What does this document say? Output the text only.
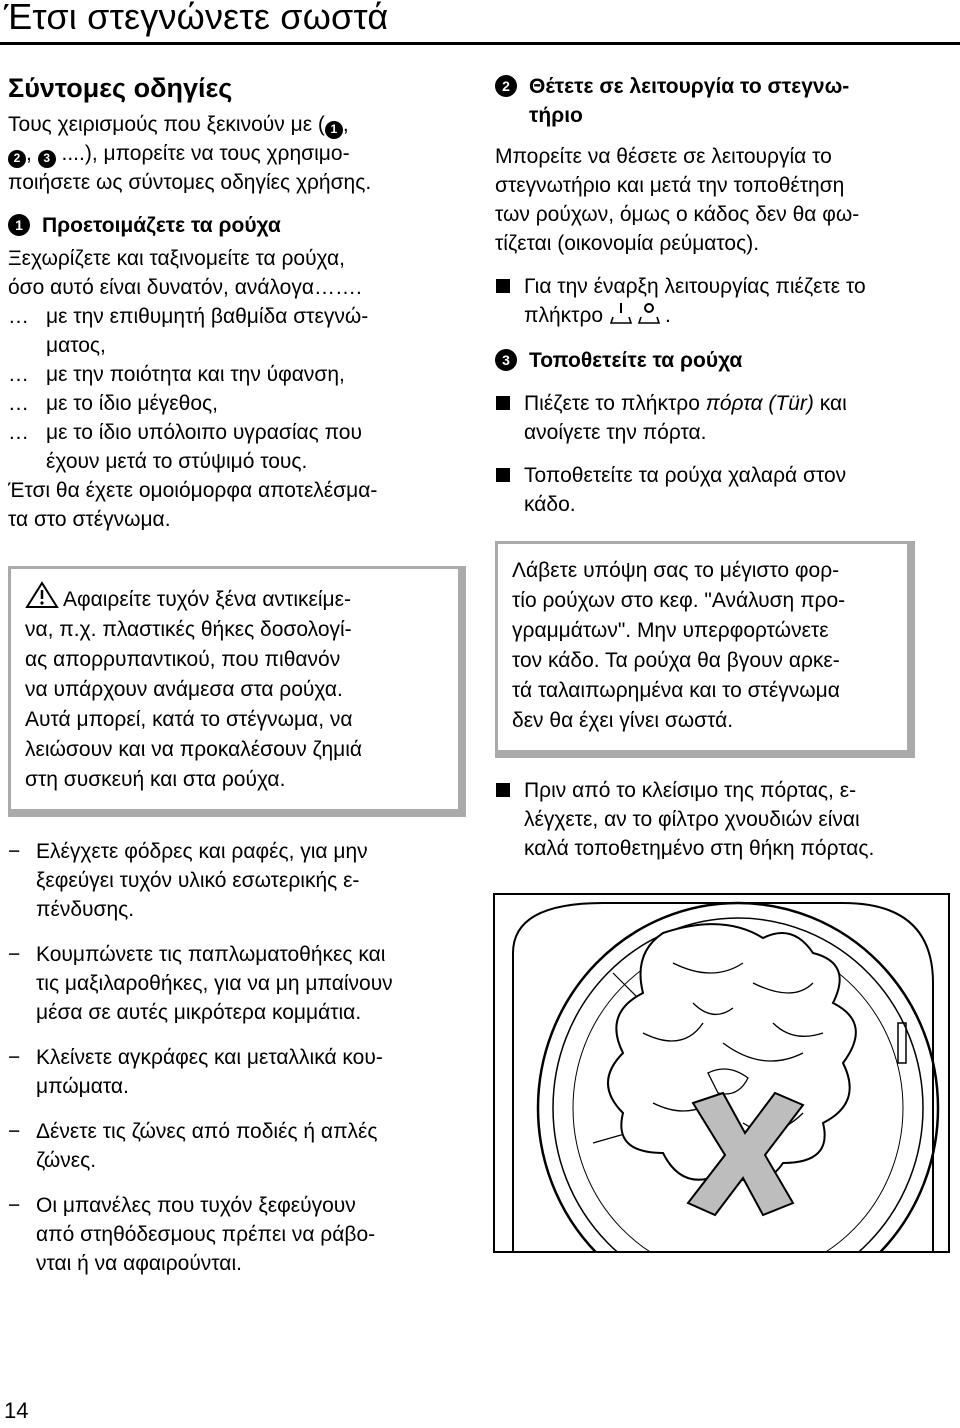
Έτσι στεγνώνετε σωστά
Σύντομες οδηγίες
Τους χειρισμούς που ξεκινούν με ( 1 ,
2 , 3 ....), μπορείτε να τους χρησιμο-
ποιήσετε ως σύντομες οδηγίες χρήσης.
1 Προετοιμάζετε τα ρούχα
Ξεχωρίζετε και ταξινομείτε τα ρούχα,
όσο αυτό είναι δυνατόν, ανάλογα…….
… με την επιθυμητή βαθμίδα στεγνώ-
ματος,
… με την ποιότητα και την ύφανση,
… με το ίδιο μέγεθος,
… με το ίδιο υπόλοιπο υγρασίας που
έχουν μετά το στύψιμό τους.
Έτσι θα έχετε ομοιόμορφα αποτελέσμα-
τα στο στέγνωμα.

Αφαιρείτε τυχόν ξένα αντικείμε-

να, π.χ. πλαστικές θήκες δοσολογί-

ας απορρυπαντικού, που πιθανόν

να υπάρχουν ανάμεσα στα ρούχα.

Αυτά μπορεί, κατά το στέγνωμα, να

λειώσουν και να προκαλέσουν ζημιά

στη συσκευή και στα ρούχα.

− Ελέγχετε φόδρες και ραφές, για μην
ξεφεύγει τυχόν υλικό εσωτερικής ε-
πένδυσης.
− Κουμπώνετε τις παπλωματοθήκες και
τις μαξιλαροθήκες, για να μη μπαίνουν
μέσα σε αυτές μικρότερα κομμάτια.
− Κλείνετε αγκράφες και μεταλλικά κου-
μπώματα.
− Δένετε τις ζώνες από ποδιές ή απλές
ζώνες.
− Οι μπανέλες που τυχόν ξεφεύγουν
από στηθόδεσμους πρέπει να ράβο-
νται ή να αφαιρούνται.
2 Θέτετε σε λειτουργία το στεγνω-
τήριο
Μπορείτε να θέσετε σε λειτουργία το
στεγνωτήριο και μετά την τοποθέτηση
των ρούχων, όμως ο κάδος δεν θα φω-
τίζεται (οικονομία ρεύματος).
Για την έναρξη λειτουργίας πιέζετε το
πλήκτρο	.
3 Τοποθετείτε τα ρούχα
Πιέζετε το πλήκτρο πόρτα (Tür) και
ανοίγετε την πόρτα.
Τοποθετείτε τα ρούχα χαλαρά στον
κάδο.

Λάβετε υπόψη σας το μέγιστο φορ-

τίο ρούχων στο κεφ. "Ανάλυση προ-

γραμμάτων". Μην υπερφορτώνετε

τον κάδο. Τα ρούχα θα βγουν αρκε-

τά ταλαιπωρημένα και το στέγνωμα

δεν θα έχει γίνει σωστά.

Πριν από το κλείσιμο της πόρτας, ε-
λέγχετε, αν το φίλτρο χνουδιών είναι
καλά τοποθετημένο στη θήκη πόρτας.
14
